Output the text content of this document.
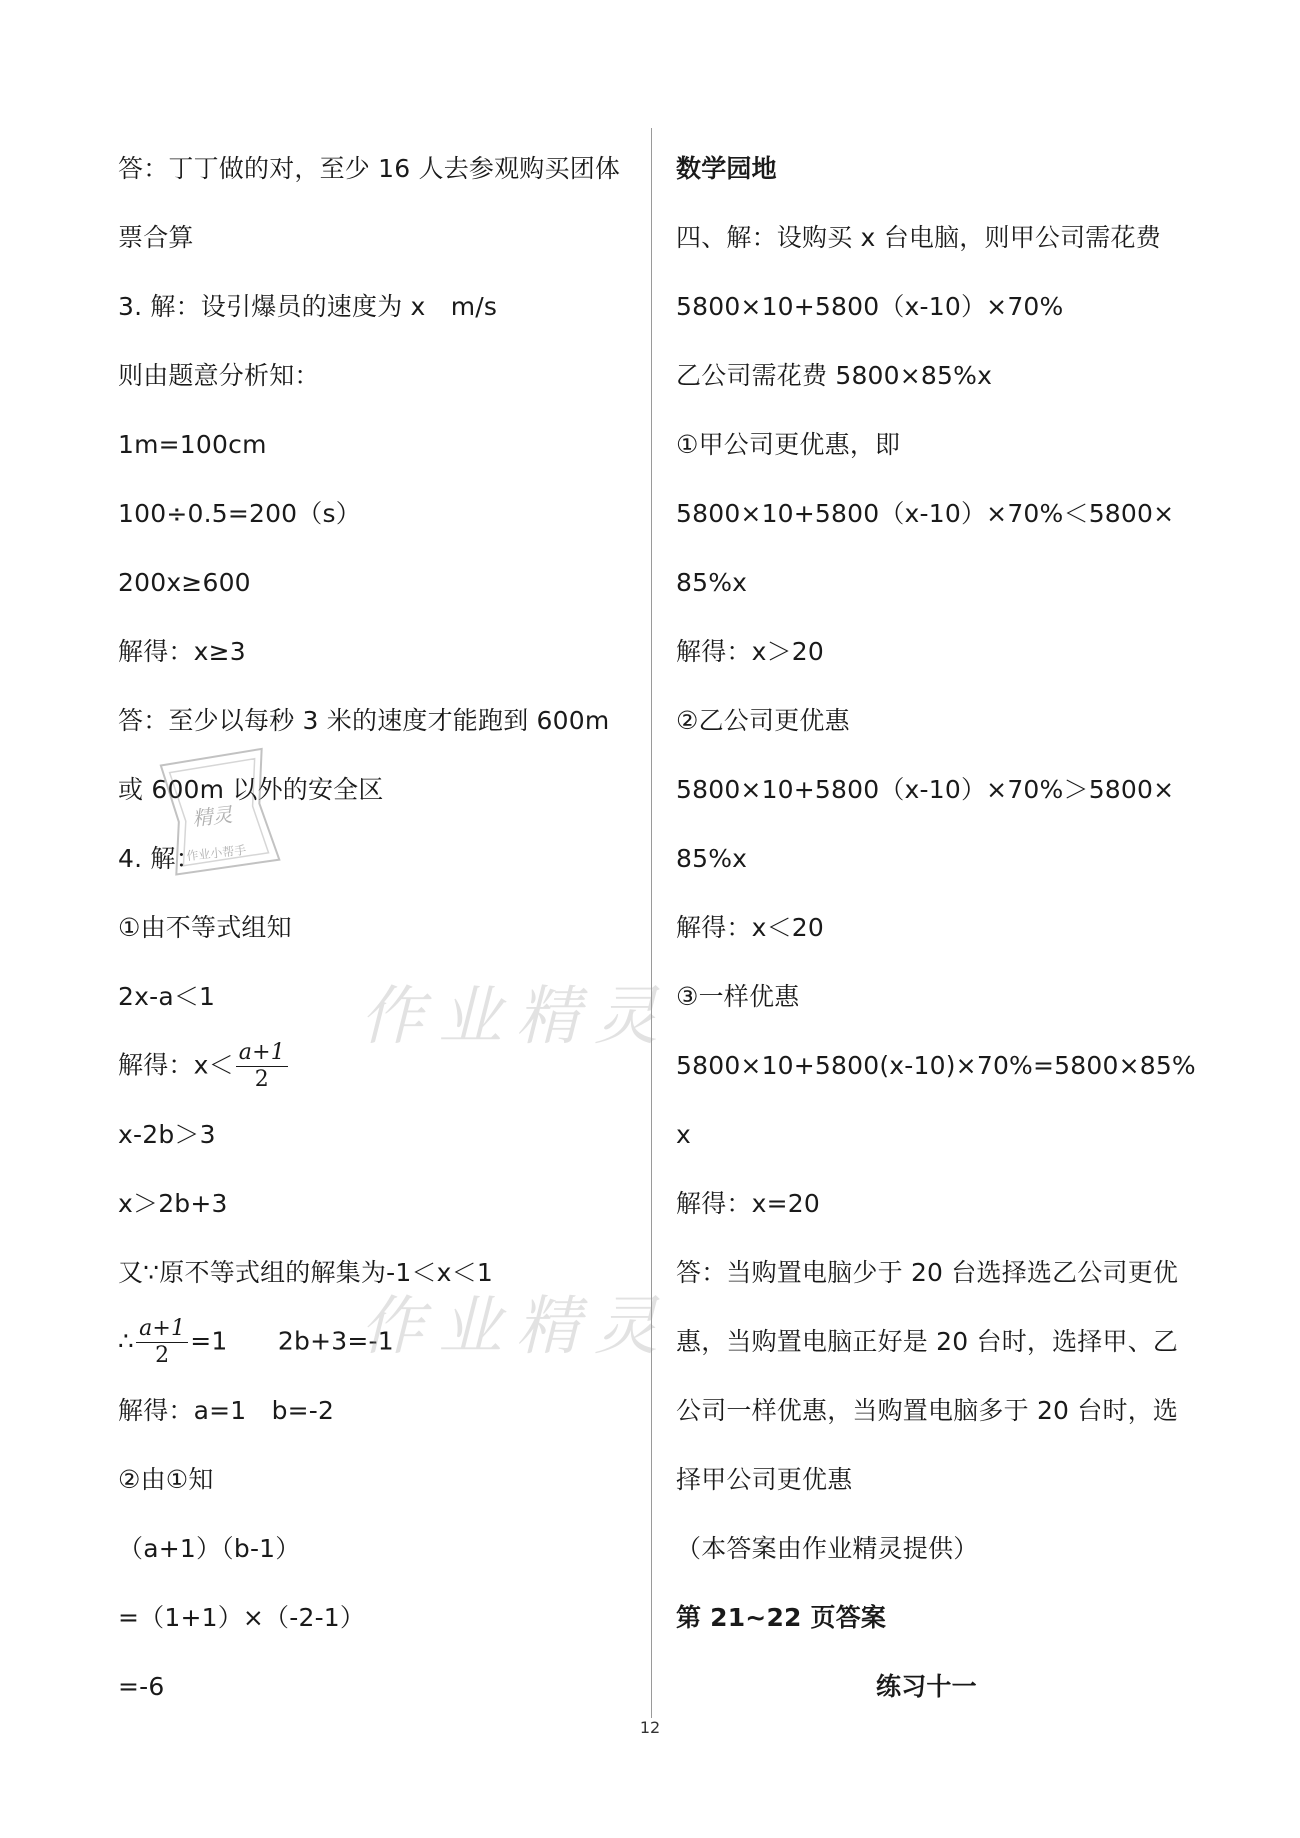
答：丁丁做的对，至少 16 人去参观购买团体
票合算
3. 解：设引爆员的速度为 x　m/s
则由题意分析知：
1m=100cm
100÷0.5=200（s）
200x≥600
解得：x≥3
答：至少以每秒 3 米的速度才能跑到 600m
或 600m 以外的安全区
4. 解：
①由不等式组知
2x-a＜1
解得：$x< \frac{a+1}{2}$
x-2b＞3
x＞2b+3
又∵原不等式组的解集为-1＜x＜1
∴ $\frac{a+1}{2} =1$　　2b+3=-1
解得：a=1　b=-2
②由①知
（a+1）（b-1）
=（1+1）×（-2-1）
=-6
数学园地
四、解：设购买 x 台电脑，则甲公司需花费
5800×10+5800（x-10）×70%
乙公司需花费 5800×85%x
①甲公司更优惠，即
5800×10+5800（x-10）×70%＜5800×
85%x
解得：x＞20
②乙公司更优惠
5800×10+5800（x-10）×70%＞5800×
85%x
解得：x＜20
③一样优惠
5800×10+5800(x-10)×70%=5800×85%
x
解得：x=20
答：当购置电脑少于 20 台选择选乙公司更优
惠，当购置电脑正好是 20 台时，选择甲、乙
公司一样优惠，当购置电脑多于 20 台时，选
择甲公司更优惠
（本答案由作业精灵提供）
第 21~22 页答案
练习十一
作业精灵
作业精灵
精灵
作业小帮手
12
